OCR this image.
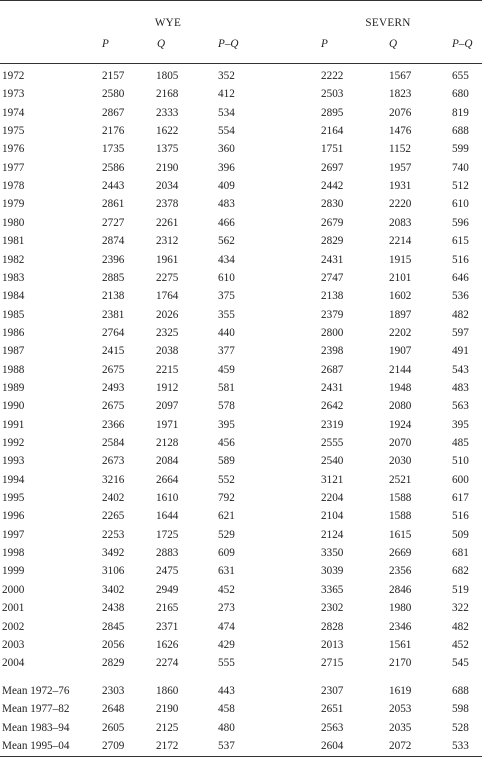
WYE	SEVERN
P	Q	P–Q	P	Q	P–Q
1972	2157	1805	352	2222	1567	655
1973	2580	2168	412	2503	1823	680
1974	2867	2333	534	2895	2076	819
1975	2176	1622	554	2164	1476	688
1976	1735	1375	360	1751	1152	599
1977	2586	2190	396	2697	1957	740
1978	2443	2034	409	2442	1931	512
1979	2861	2378	483	2830	2220	610
1980	2727	2261	466	2679	2083	596
1981	2874	2312	562	2829	2214	615
1982	2396	1961	434	2431	1915	516
1983	2885	2275	610	2747	2101	646
1984	2138	1764	375	2138	1602	536
1985	2381	2026	355	2379	1897	482
1986	2764	2325	440	2800	2202	597
1987	2415	2038	377	2398	1907	491
1988	2675	2215	459	2687	2144	543
1989	2493	1912	581	2431	1948	483
1990	2675	2097	578	2642	2080	563
1991	2366	1971	395	2319	1924	395
1992	2584	2128	456	2555	2070	485
1993	2673	2084	589	2540	2030	510
1994	3216	2664	552	3121	2521	600
1995	2402	1610	792	2204	1588	617
1996	2265	1644	621	2104	1588	516
1997	2253	1725	529	2124	1615	509
1998	3492	2883	609	3350	2669	681
1999	3106	2475	631	3039	2356	682
2000	3402	2949	452	3365	2846	519
2001	2438	2165	273	2302	1980	322
2002	2845	2371	474	2828	2346	482
2003	2056	1626	429	2013	1561	452
2004	2829	2274	555	2715	2170	545
Mean 1972–76	2303	1860	443	2307	1619	688
Mean 1977–82	2648	2190	458	2651	2053	598
Mean 1983–94	2605	2125	480	2563	2035	528
Mean 1995–04	2709	2172	537	2604	2072	533
